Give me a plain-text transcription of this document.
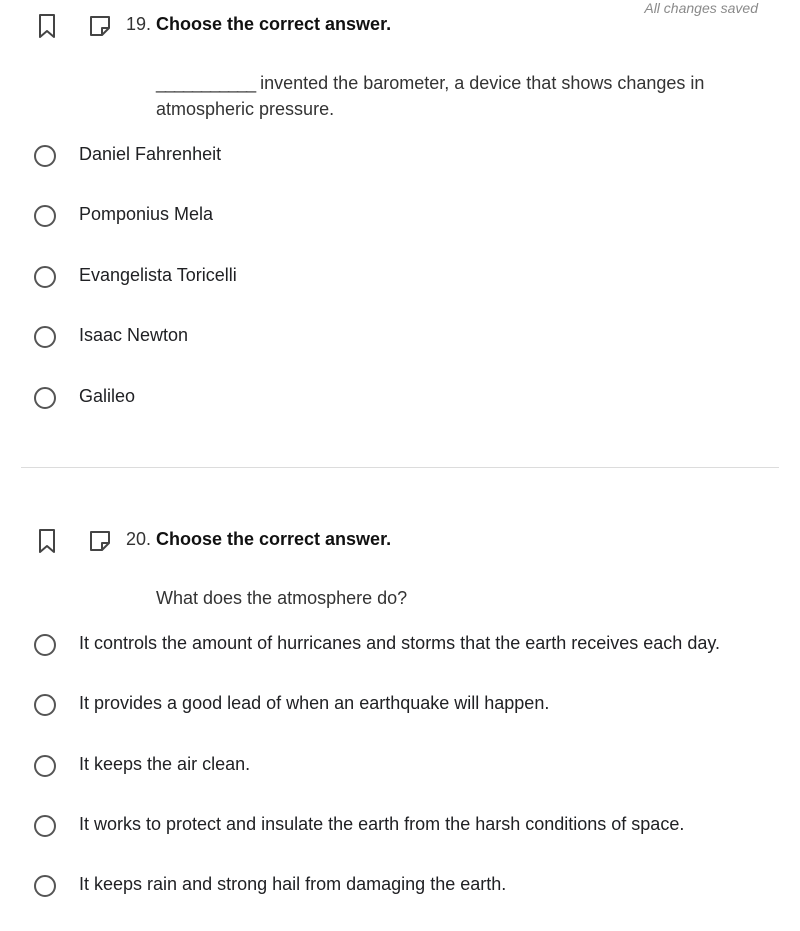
All changes saved
19. Choose the correct answer.
___________ invented the barometer, a device that shows changes in atmospheric pressure.
Daniel Fahrenheit
Pomponius Mela
Evangelista Toricelli
Isaac Newton
Galileo
20. Choose the correct answer.
What does the atmosphere do?
It controls the amount of hurricanes and storms that the earth receives each day.
It provides a good lead of when an earthquake will happen.
It keeps the air clean.
It works to protect and insulate the earth from the harsh conditions of space.
It keeps rain and strong hail from damaging the earth.
